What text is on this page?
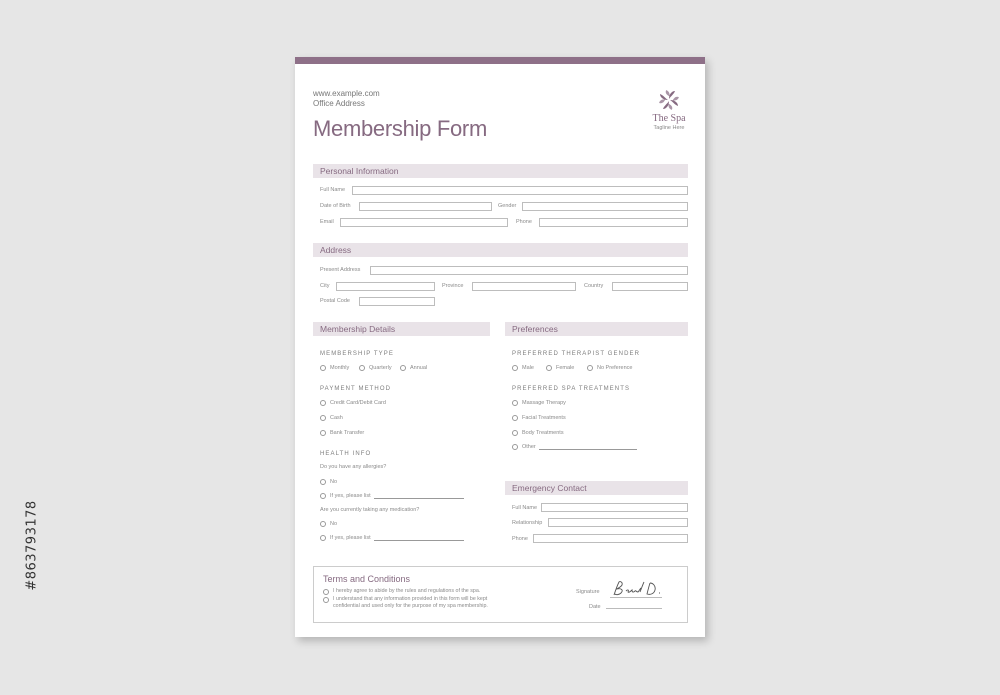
#863793178
www.example.com
Office Address
Membership Form	The Spa
Tagline Here
Personal Information
Full Name
Date of Birth	Gender
Email	Phone
Address
Present Address
City	Province	Country
Postal Code
Membership Details
MEMBERSHIP TYPE
Monthly	Quarterly	Annual
PAYMENT METHOD
Credit Card/Debit Card
Cash
Bank Transfer
HEALTH INFO
Do you have any allergies?
No
If yes, please list
Are you currently taking any medication?
No
If yes, please list
Preferences
PREFERRED THERAPIST GENDER
Male	Female	No Preference
PREFERRED SPA TREATMENTS
Massage Therapy
Facial Treatments
Body Treatments
Other
Emergency Contact
Full Name
Relationship
Phone
Terms and Conditions
I hereby agree to abide by the rules and regulations of the spa.
I understand that any information provided in this form will be kept
confidential and used only for the purpose of my spa membership.
Signature
Date
